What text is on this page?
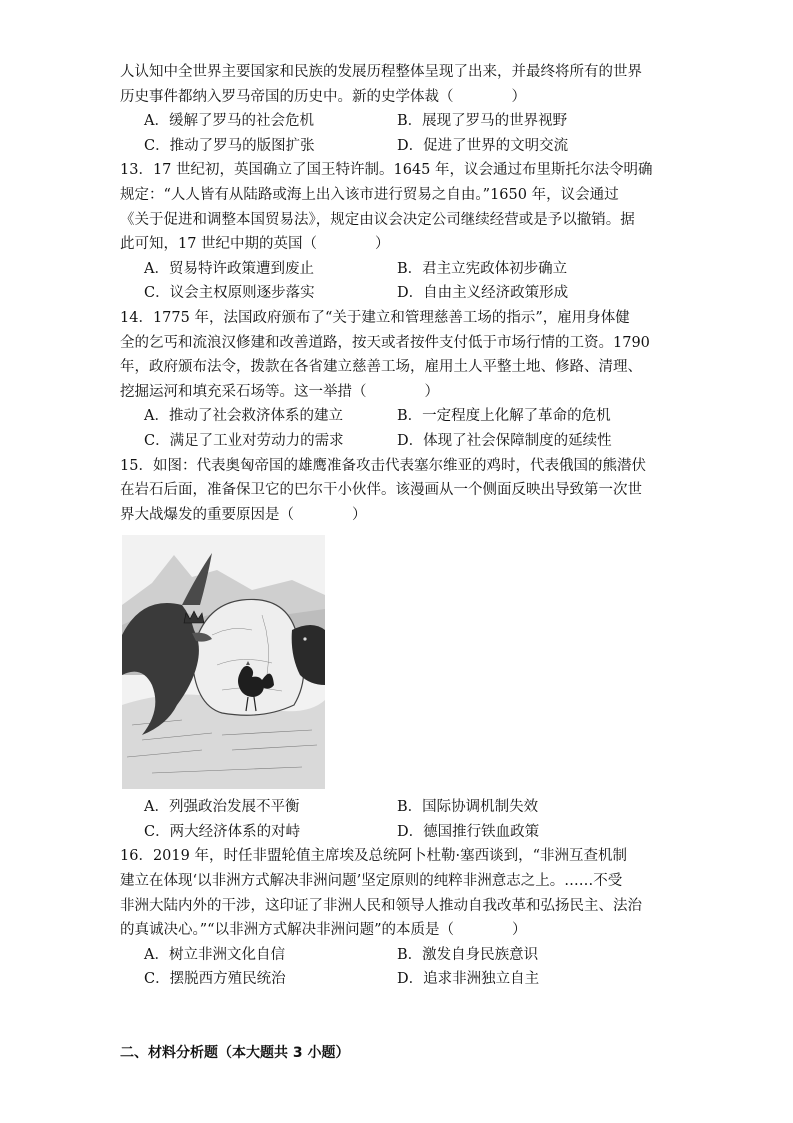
人认知中全世界主要国家和民族的发展历程整体呈现了出来，并最终将所有的世界
历史事件都纳入罗马帝国的历史中。新的史学体裁（　　　　）
A．缓解了罗马的社会危机	B．展现了罗马的世界视野
C．推动了罗马的版图扩张	D．促进了世界的文明交流
13．17 世纪初，英国确立了国王特许制。1645 年，议会通过布里斯托尔法令明确
规定：“人人皆有从陆路或海上出入该市进行贸易之自由。”1650 年，议会通过
《关于促进和调整本国贸易法》，规定由议会决定公司继续经营或是予以撤销。据
此可知，17 世纪中期的英国（　　　　）
A．贸易特许政策遭到废止	B．君主立宪政体初步确立
C．议会主权原则逐步落实	D．自由主义经济政策形成
14．1775 年，法国政府颁布了“关于建立和管理慈善工场的指示”，雇用身体健
全的乞丐和流浪汉修建和改善道路，按天或者按件支付低于市场行情的工资。1790
年，政府颁布法令，拨款在各省建立慈善工场，雇用土人平整土地、修路、清理、
挖掘运河和填充采石场等。这一举措（　　　　）
A．推动了社会救济体系的建立	B．一定程度上化解了革命的危机
C．满足了工业对劳动力的需求	D．体现了社会保障制度的延续性
15．如图：代表奥匈帝国的雄鹰准备攻击代表塞尔维亚的鸡时，代表俄国的熊潜伏
在岩石后面，准备保卫它的巴尔干小伙伴。该漫画从一个侧面反映出导致第一次世
界大战爆发的重要原因是（　　　　）
A．列强政治发展不平衡	B．国际协调机制失效
C．两大经济体系的对峙	D．德国推行铁血政策
16．2019 年，时任非盟轮值主席埃及总统阿卜杜勒·塞西谈到，“非洲互查机制
建立在体现‘以非洲方式解决非洲问题’坚定原则的纯粹非洲意志之上。……不受
非洲大陆内外的干涉，这印证了非洲人民和领导人推动自我改革和弘扬民主、法治
的真诚决心。”“以非洲方式解决非洲问题”的本质是（　　　　）
A．树立非洲文化自信	B．激发自身民族意识
C．摆脱西方殖民统治	D．追求非洲独立自主
二、材料分析题（本大题共 3 小题）
